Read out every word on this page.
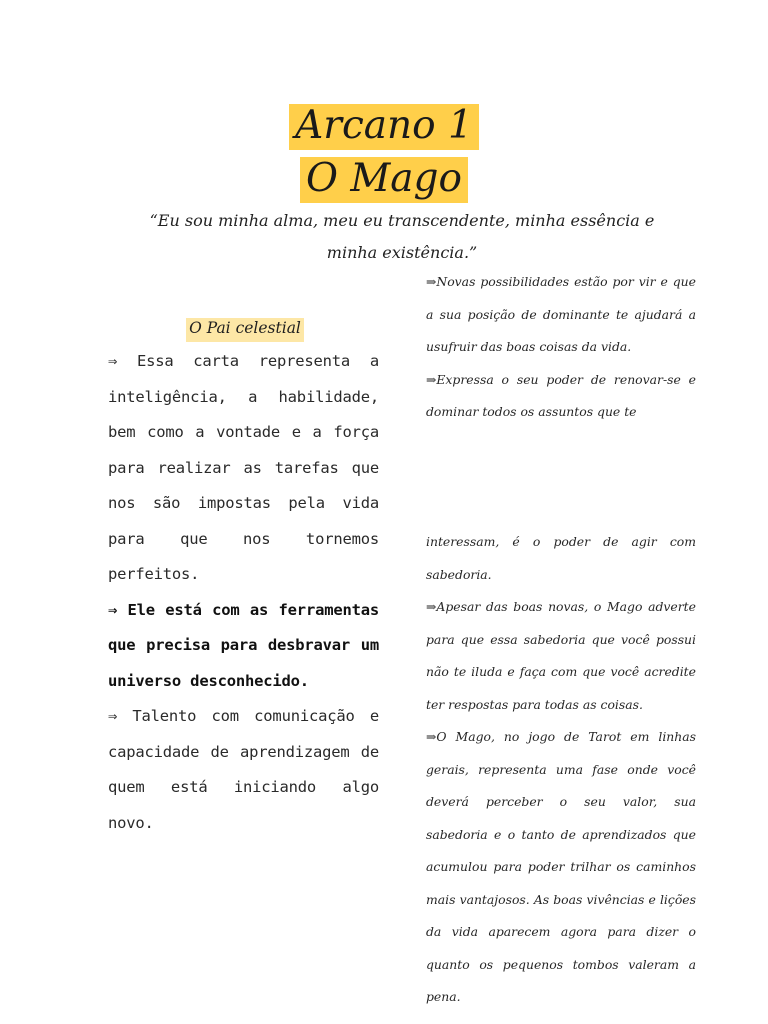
Arcano 1
O Mago
“Eu sou minha alma, meu eu transcendente, minha essência e minha existência.”
O Pai celestial

⇒ Essa carta representa a inteligência, a habilidade, bem como a vontade e a força para realizar as tarefas que nos são impostas pela vida para que nos tornemos perfeitos.

⇒ Ele está com as ferramentas que precisa para desbravar um universo desconhecido.

⇒ Talento com comunicação e capacidade de aprendizagem de quem está iniciando algo novo.

⇒Novas possibilidades estão por vir e que a sua posição de dominante te ajudará a usufruir das boas coisas da vida.

⇒Expressa o seu poder de renovar-se e dominar todos os assuntos que te

interessam, é o poder de agir com sabedoria.

⇒Apesar das boas novas, o Mago adverte para que essa sabedoria que você possui não te iluda e faça com que você acredite ter respostas para todas as coisas.

⇒O Mago, no jogo de Tarot em linhas gerais, representa uma fase onde você deverá perceber o seu valor, sua sabedoria e o tanto de aprendizados que acumulou para poder trilhar os caminhos mais vantajosos. As boas vivências e lições da vida aparecem agora para dizer o quanto os pequenos tombos valeram a pena.
